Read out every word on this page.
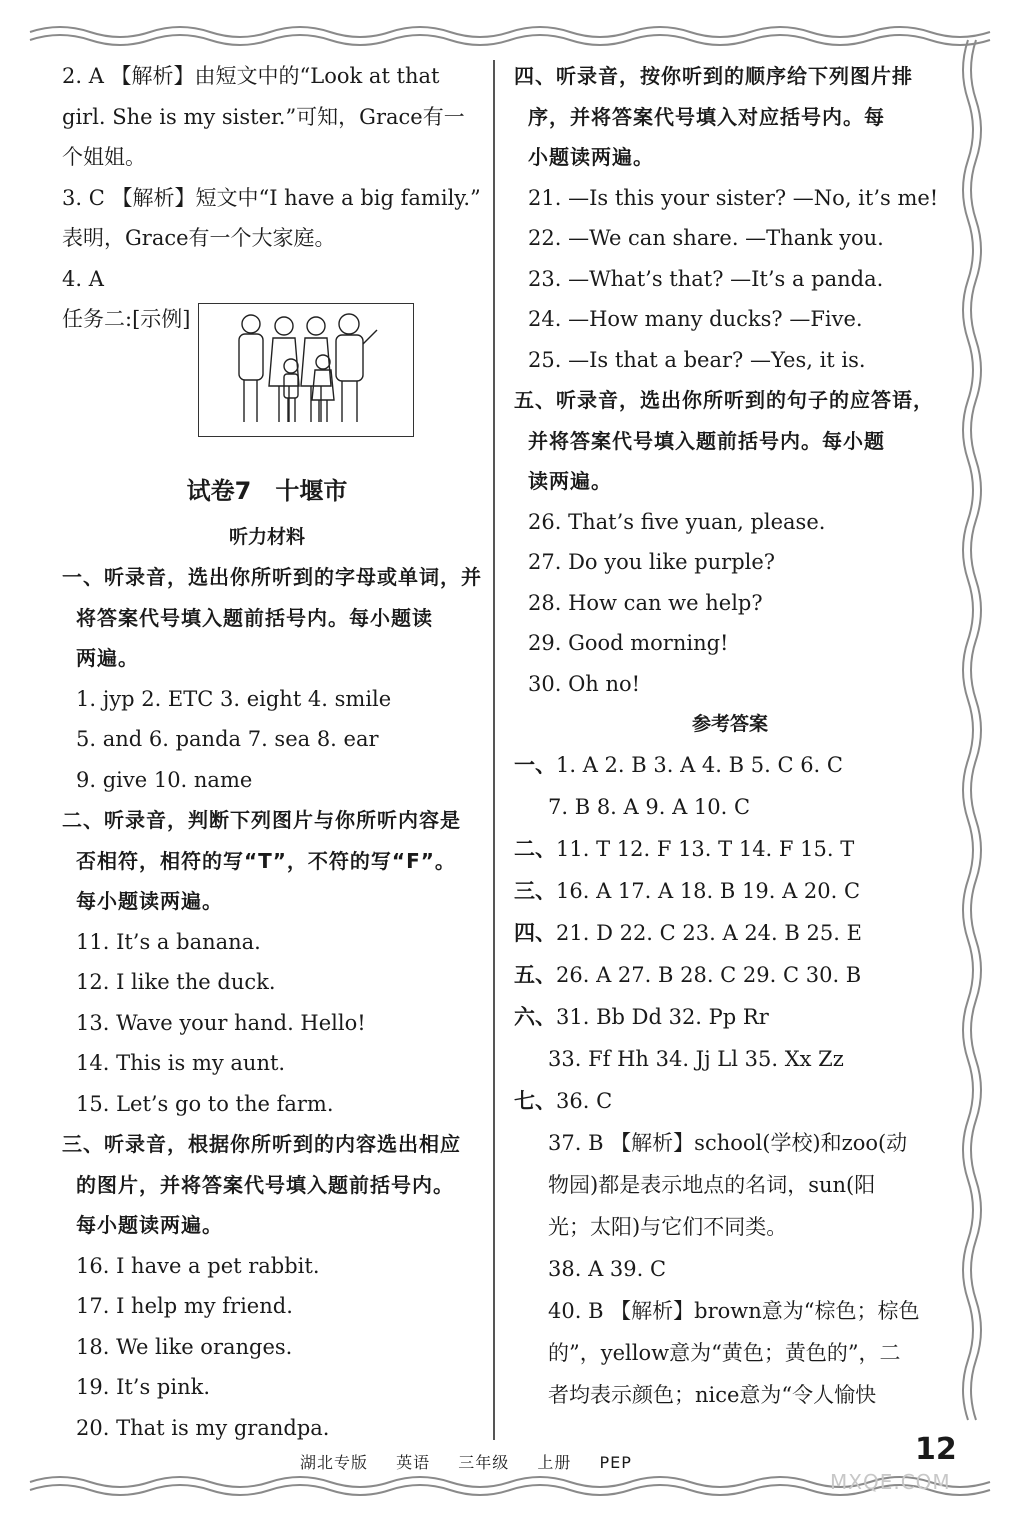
2. A 【解析】由短文中的“Look at that
girl. She is my sister.”可知，Grace有一
个姐姐。
3. C 【解析】短文中“I have a big family.”
表明，Grace有一个大家庭。
4. A
任务二:[示例]
试卷7　十堰市
听力材料
一、听录音，选出你所听到的字母或单词，并
将答案代号填入题前括号内。每小题读
两遍。
1. jyp 2. ETC 3. eight 4. smile
5. and 6. panda 7. sea 8. ear
9. give 10. name
二、听录音，判断下列图片与你所听内容是
否相符，相符的写“T”，不符的写“F”。
每小题读两遍。
11. It’s a banana.
12. I like the duck.
13. Wave your hand. Hello!
14. This is my aunt.
15. Let’s go to the farm.
三、听录音，根据你所听到的内容选出相应
的图片，并将答案代号填入题前括号内。
每小题读两遍。
16. I have a pet rabbit.
17. I help my friend.
18. We like oranges.
19. It’s pink.
20. That is my grandpa.
四、听录音，按你听到的顺序给下列图片排
序，并将答案代号填入对应括号内。每
小题读两遍。
21. —Is this your sister? —No, it’s me!
22. —We can share. —Thank you.
23. —What’s that? —It’s a panda.
24. —How many ducks? —Five.
25. —Is that a bear? —Yes, it is.
五、听录音，选出你所听到的句子的应答语，
并将答案代号填入题前括号内。每小题
读两遍。
26. That’s five yuan, please.
27. Do you like purple?
28. How can we help?
29. Good morning!
30. Oh no!
参考答案
一、1. A 2. B 3. A 4. B 5. C 6. C
7. B 8. A 9. A 10. C
二、11. T 12. F 13. T 14. F 15. T
三、16. A 17. A 18. B 19. A 20. C
四、21. D 22. C 23. A 24. B 25. E
五、26. A 27. B 28. C 29. C 30. B
六、31. Bb Dd 32. Pp Rr
33. Ff Hh 34. Jj Ll 35. Xx Zz
七、36. C
37. B 【解析】school(学校)和zoo(动
物园)都是表示地点的名词，sun(阳
光；太阳)与它们不同类。
38. A 39. C
40. B 【解析】brown意为“棕色；棕色
的”，yellow意为“黄色；黄色的”，二
者均表示颜色；nice意为“令人愉快
湖北专版 英语 三年级 上册 PEP	12
MXQE.COM
